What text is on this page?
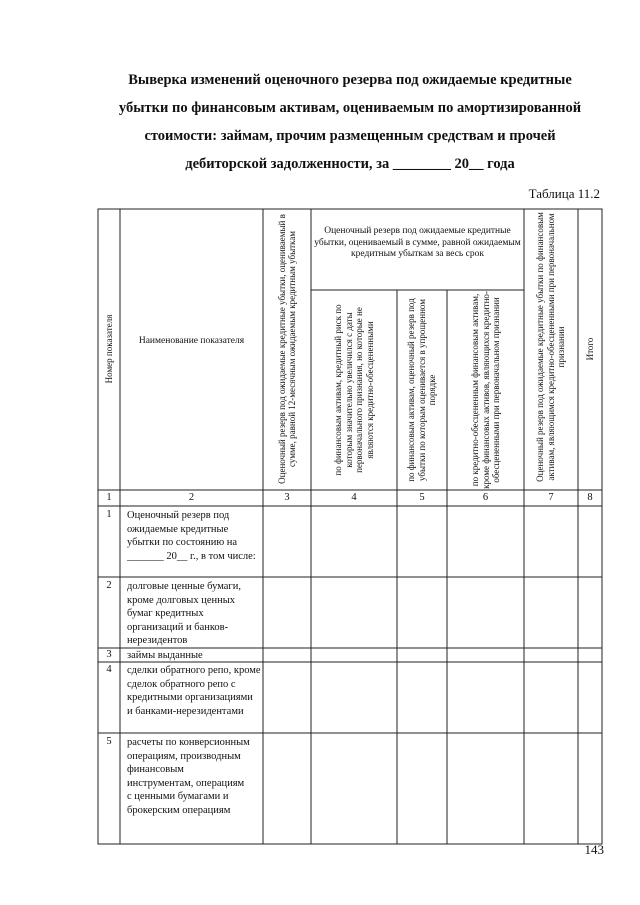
Выверка изменений оценочного резерва под ожидаемые кредитные
убытки по финансовым активам, оцениваемым по амортизированной
стоимости: займам, прочим размещенным средствам и прочей
дебиторской задолженности, за ________ 20__ года
Таблица 11.2
Номер показателя	Наименование показателя	Оценочный резерв под ожидаемые кредитные убытки, оцениваемый в сумме, равной 12-месячным ожидаемым кредитным убыткам
Оценочный резерв под ожидаемые кредитные убытки, оцениваемый в сумме, равной ожидаемым кредитным убыткам за весь срок
по финансовым активам, кредитный риск по которым значительно увеличился с даты первоначального признания, но которые не являются кредитно-обесцененными	по финансовым активам, оценочный резерв под убытки по которым оценивается в упрощенном порядке	по кредитно-обесцененным финансовым активам, кроме финансовых активов, являющихся кредитно-обесцененными при первоначальном признании	Оценочный резерв под ожидаемые кредитные убытки по финансовым активам, являющимся кредитно-обесцененными при первоначальном признании	Итого
1	2	3	4	5	6	7	8
1	Оценочный резерв под ожидаемые кредитные убытки по состоянию на _______ 20__ г., в том числе:
2	долговые ценные бумаги, кроме долговых ценных бумаг кредитных организаций и банков-нерезидентов
3	займы выданные
4	сделки обратного репо, кроме сделок обратного репо с кредитными организациями и банками-нерезидентами
5	расчеты по конверсионным операциям, производным финансовым инструментам, операциям с ценными бумагами и брокерским операциям
143
